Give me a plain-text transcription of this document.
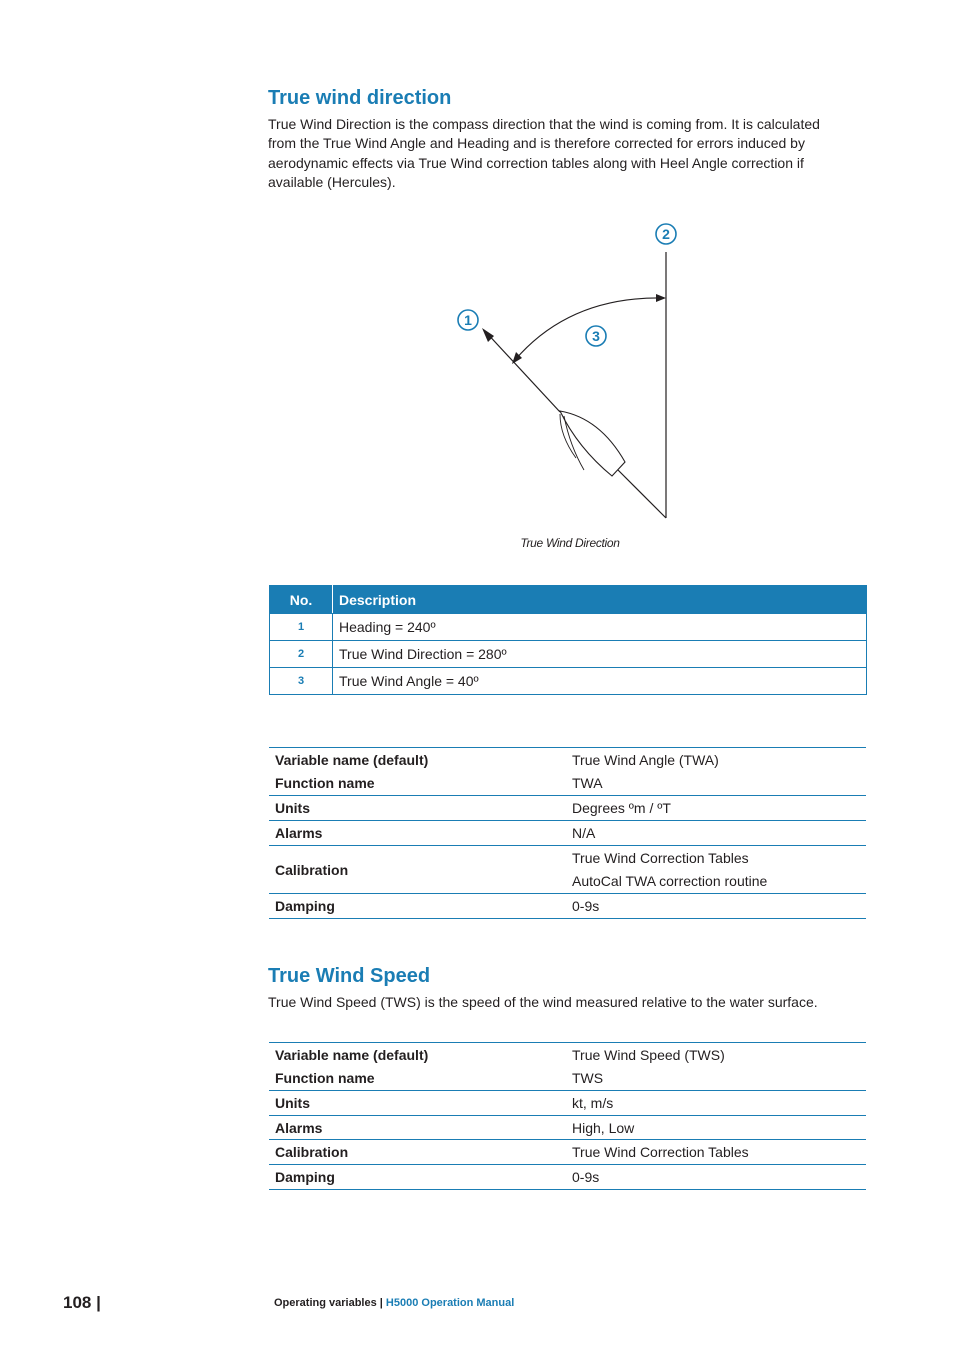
True wind direction

True Wind Direction is the compass direction that the wind is coming from. It is calculated from the True Wind Angle and Heading and is therefore corrected for errors induced by aerodynamic effects via True Wind correction tables along with Heel Angle correction if available (Hercules).

1
2
3
True Wind Direction
No.	Description
1	Heading = 240º
2	True Wind Direction = 280º
3	True Wind Angle = 40º
Variable name (default)	True Wind Angle (TWA)
Function name	TWA
Units	Degrees ºm / ºT
Alarms	N/A
Calibration	True Wind Correction Tables
	AutoCal TWA correction routine
Damping	0-9s
True Wind Speed

True Wind Speed (TWS) is the speed of the wind measured relative to the water surface.

Variable name (default)	True Wind Speed (TWS)
Function name	TWS
Units	kt, m/s
Alarms	High, Low
Calibration	True Wind Correction Tables
Damping	0-9s
108 |	Operating variables | H5000 Operation Manual
